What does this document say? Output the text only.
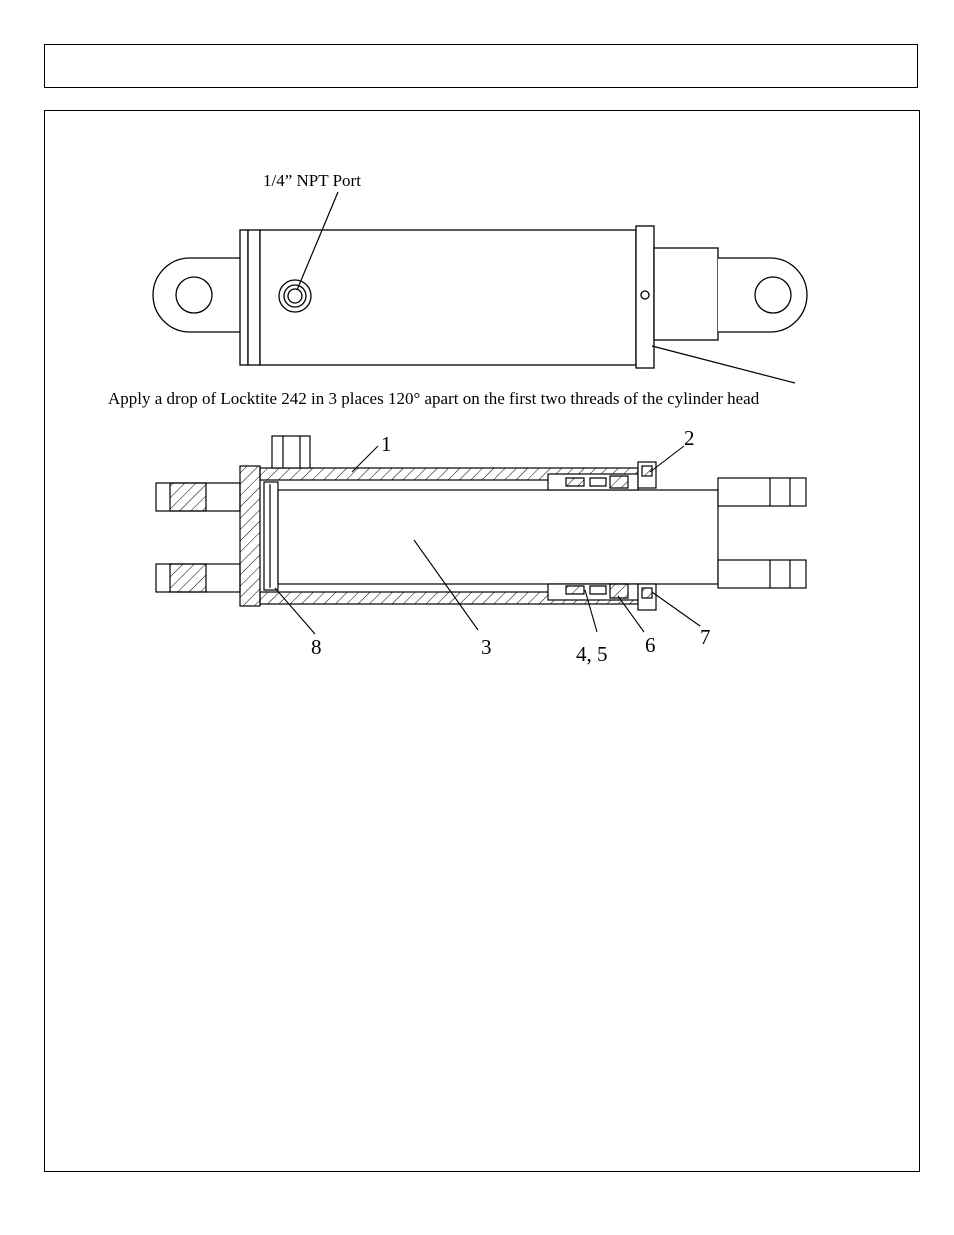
1/4” NPT Port
Apply a drop of Locktite 242 in 3 places 120° apart on the first two threads of the cylinder head
1	2
3	4, 5 6 7
8
